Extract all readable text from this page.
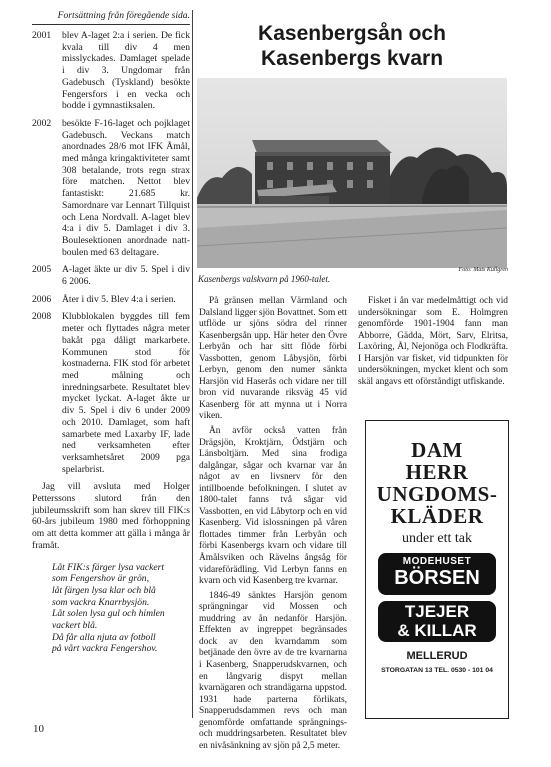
Fortsättning från föregående sida.
2001	blev A-laget 2:a i serien. De fick kvala till div 4 men misslyckades. Damlaget spelade i div 3. Ungdomar från Gadebusch (Tyskland) besökte Fengersfors i en vecka och bodde i gymnastiksalen.
2002	besökte F-16-laget och pojklaget Gadebusch. Veckans match anordnades 28/6 mot IFK Åmål, med många kringaktiviteter samt 308 betalande, trots regn strax före matchen. Nettot blev fantastiskt: 21.685 kr. Samordnare var Lennart Tillquist och Lena Nordvall. A-laget blev 4:a i div 5. Damlaget i div 3. Boulesektionen anordnade natt-boulen med 63 deltagare.
2005	A-laget äkte ur div 5. Spel i div 6 2006.
2006	Åter i div 5. Blev 4:a i serien.
2008	Klubblokalen byggdes till fem meter och flyttades några meter bakåt pga dåligt markarbete. Kommunen stod för kostnaderna. FIK stod för arbetet med målning och inredningsarbete. Resultatet blev mycket lyckat. A-laget åkte ur div 5. Spel i div 6 under 2009 och 2010. Damlaget, som haft samarbete med Laxarby IF, lade ned verksamheten efter verksamhetsåret 2009 pga spelarbrist.
Jag vill avsluta med Holger Petterssons slutord från den jubileumsskrift som han skrev till FIK:s 60-års jubileum 1980 med förhoppning om att detta kommer att gälla i många år framåt.
Låt FIK:s färger lysa vackert
som Fengershov är grön,
låt färgen lysa klar och blå
som vackra Knarrbysjön.
Låt solen lysa gul och himlen
vackert blå.
Då får alla njuta av fotboll
på vårt vackra Fengershov.
10
Kasenbergsån och
Kasenbergs kvarn
Foto: Mats Kullgren
Kasenbergs valskvarn på 1960-talet.

På gränsen mellan Värmland och Dalsland ligger sjön Bovattnet. Som ett utflöde ur sjöns södra del rinner Kasenbergsån upp. Här heter den Övre Lerbyån och har sitt flöde förbi Vassbotten, genom Låbysjön, förbi Lerbyn, genom den numer sänkta Harsjön vid Haserås och vidare ner till bron vid nuvarande riksväg 45 vid Kasenberg för att mynna ut i Norra viken.

Ån avför också vatten från Drägsjön, Kroktjärn, Ödstjärn och Länsboltjärn. Med sina frodiga dalgångar, sågar och kvarnar var ån något av en livsnerv för den intillboende befolkningen. I slutet av 1800-talet fanns två sågar vid Vassbotten, en vid Låbytorp och en vid Kasenberg. Vid islossningen på våren flottades timmer från Lerbyån och förbi Kasenbergs kvarn och vidare till Åmålsviken och Rävelns ångsåg för vidareförädling. Vid Lerbyn fanns en kvarn och vid Kasenberg tre kvarnar.

1846-49 sänktes Harsjön genom sprängningar vid Mossen och muddring av ån nedanför Harsjön. Effekten av ingreppet begränsades dock av den kvarndamm som betjänade den övre av de tre kvarnarna i Kasenberg, Snapperudskvarnen, och en långvarig dispyt mellan kvarnägaren och strandägarna uppstod. 1931 hade parterna förlikats, Snapperudsdammen revs och man genomförde omfattande sprängnings- och muddringsarbeten. Resultatet blev en nivåsänkning av sjön på 2,5 meter.

Fisket i ån var medelmåttigt och vid undersökningar som E. Holmgren genomförde 1901-1904 fann man Abborre, Gädda, Mört, Sarv, Elritsa, Laxöring, Ål, Nejonöga och Flodkräfta. I Harsjön var fisket, vid tidpunkten för undersökningen, mycket klent och som skäl angavs ett oförståndigt utfiskande.

DAM
HERR
UNGDOMS-
KLÄDER
under ett tak
MODEHUSET
BÖRSEN
TJEJER
& KILLAR
MELLERUD
STORGATAN 13 TEL. 0530 - 101 04
